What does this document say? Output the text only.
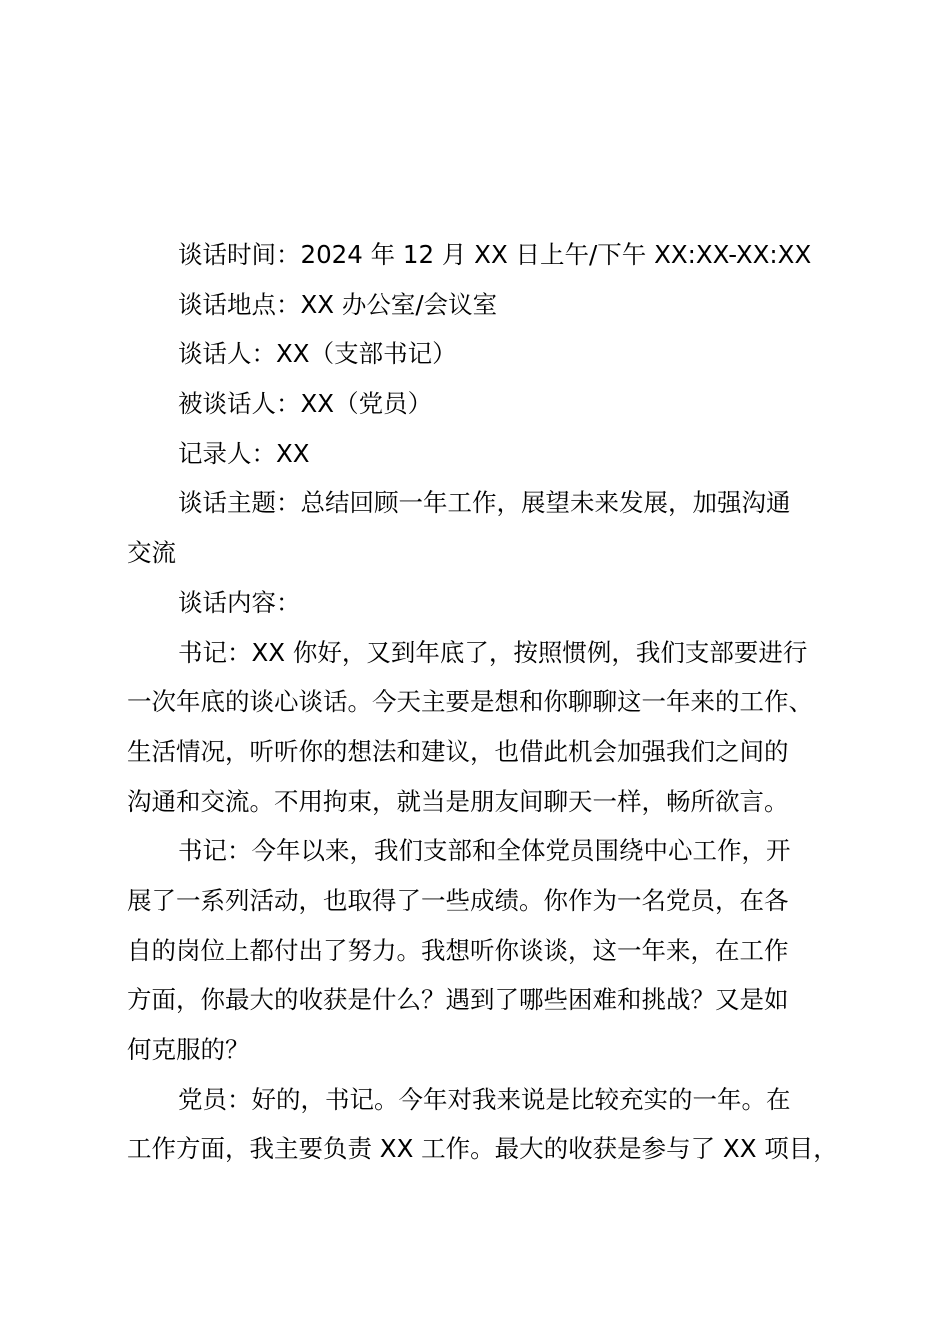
谈话时间：2024 年 12 月 XX 日上午/下午 XX:XX-XX:XX
谈话地点：XX 办公室/会议室
谈话人：XX（支部书记）
被谈话人：XX（党员）
记录人：XX
谈话主题：总结回顾一年工作，展望未来发展，加强沟通
交流
谈话内容：
书记：XX 你好，又到年底了，按照惯例，我们支部要进行
一次年底的谈心谈话。今天主要是想和你聊聊这一年来的工作、
生活情况，听听你的想法和建议，也借此机会加强我们之间的
沟通和交流。不用拘束，就当是朋友间聊天一样，畅所欲言。
书记：今年以来，我们支部和全体党员围绕中心工作，开
展了一系列活动，也取得了一些成绩。你作为一名党员，在各
自的岗位上都付出了努力。我想听你谈谈，这一年来，在工作
方面，你最大的收获是什么？遇到了哪些困难和挑战？又是如
何克服的？
党员：好的，书记。今年对我来说是比较充实的一年。在
工作方面，我主要负责 XX 工作。最大的收获是参与了 XX 项目，
